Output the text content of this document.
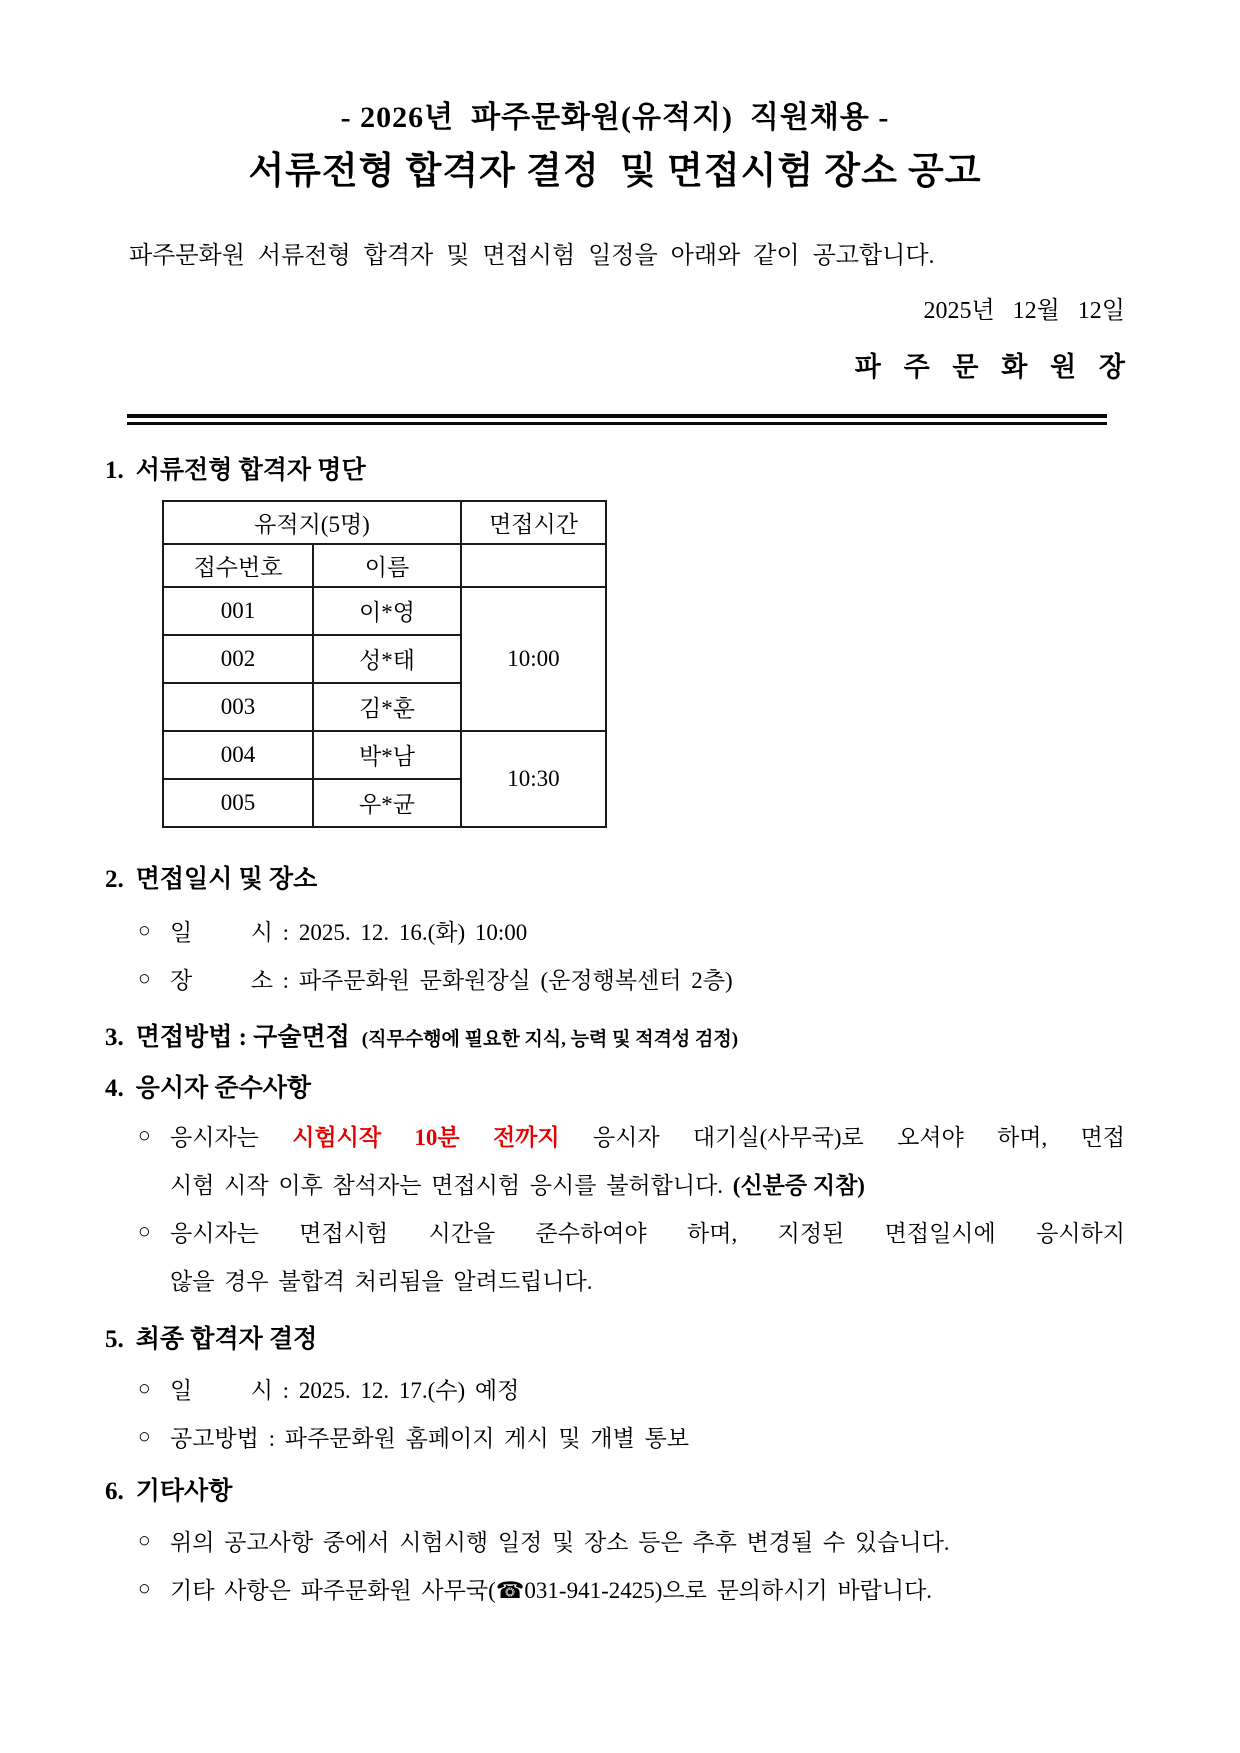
- 2026년  파주문화원(유적지)  직원채용 -
서류전형 합격자 결정  및 면접시험 장소 공고
파주문화원 서류전형 합격자 및 면접시험 일정을 아래와 같이 공고합니다.
2025년   12월   12일
파 주 문 화 원 장
1. 서류전형 합격자 명단
유적지(5명)		면접시간
접수번호	이름	
001	이*영	10:00
002	성*태	
003	김*훈	
004	박*남	10:30
005	우*균	
2. 면접일시 및 장소
○ 일      시 : 2025. 12. 16.(화) 10:00
○ 장      소 : 파주문화원 문화원장실 (운정행복센터 2층)
3. 면접방법 : 구술면접 (직무수행에 필요한 지식, 능력 및 적격성 검정)
4. 응시자 준수사항
○ 응시자는 시험시작 10분 전까지 응시자 대기실(사무국)로 오셔야 하며, 면접
시험 시작 이후 참석자는 면접시험 응시를 불허합니다. (신분증 지참)
○ 응시자는 면접시험 시간을 준수하여야 하며, 지정된 면접일시에 응시하지
않을 경우 불합격 처리됨을 알려드립니다.
5. 최종 합격자 결정
○ 일      시 : 2025. 12. 17.(수) 예정
○ 공고방법 : 파주문화원 홈페이지 게시 및 개별 통보
6. 기타사항
○ 위의 공고사항 중에서 시험시행 일정 및 장소 등은 추후 변경될 수 있습니다.
○ 기타 사항은 파주문화원 사무국(☎031-941-2425)으로 문의하시기 바랍니다.
